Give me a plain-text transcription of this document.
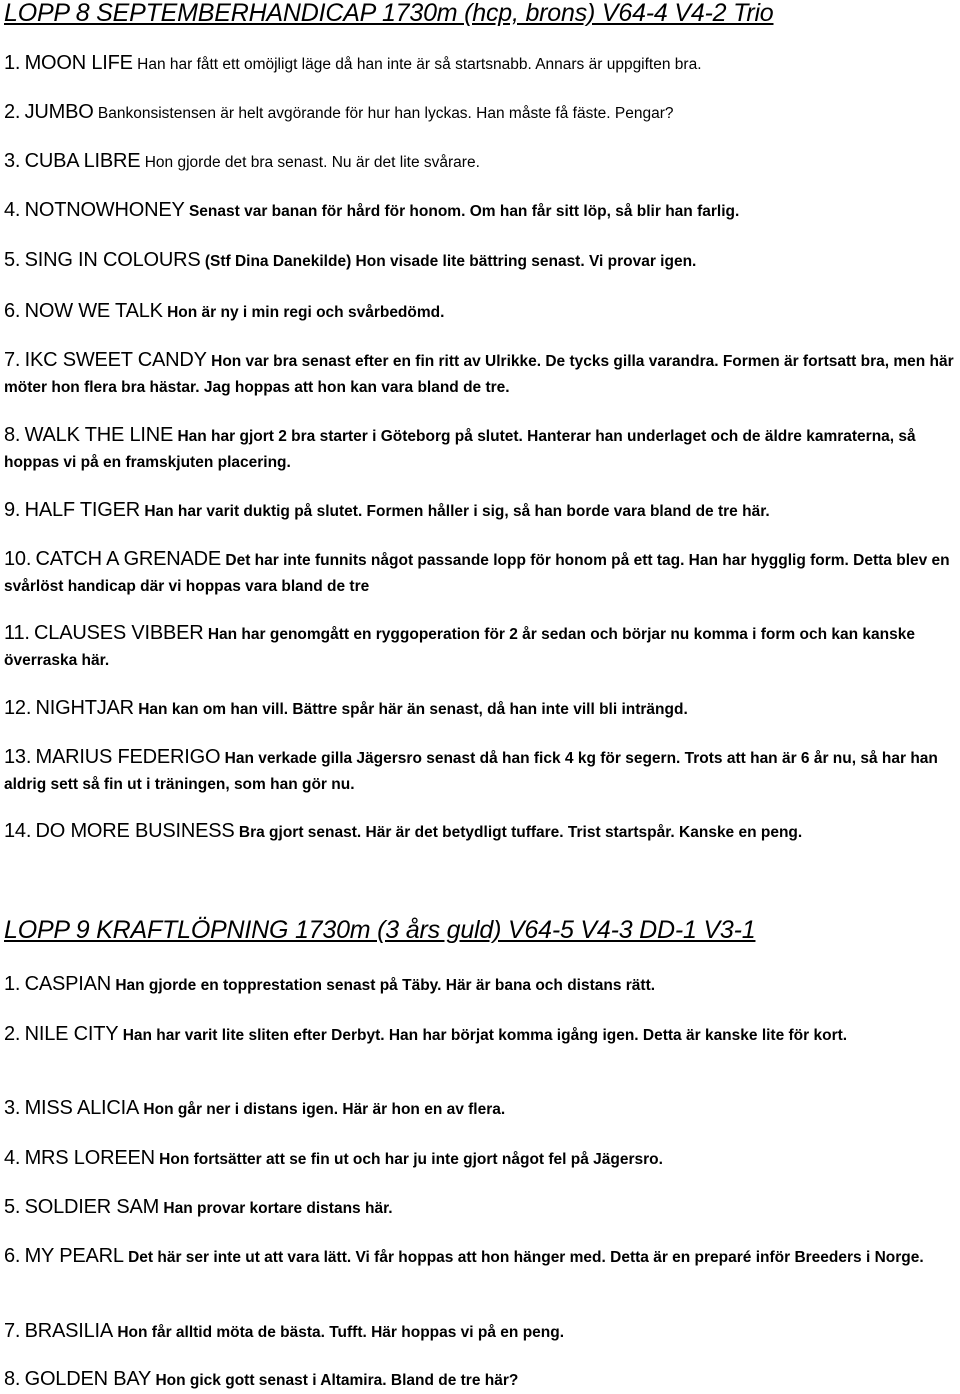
LOPP 8 SEPTEMBERHANDICAP 1730m (hcp, brons) V64-4 V4-2 Trio
1. MOON LIFE Han har fått ett omöjligt läge då han inte är så startsnabb. Annars är uppgiften bra.
2. JUMBO Bankonsistensen är helt avgörande för hur han lyckas. Han måste få fäste. Pengar?
3. CUBA LIBRE Hon gjorde det bra senast. Nu är det lite svårare.
4. NOTNOWHONEY Senast var banan för hård för honom. Om han får sitt löp, så blir han farlig.
5. SING IN COLOURS (Stf Dina Danekilde) Hon visade lite bättring senast. Vi provar igen.
6. NOW WE TALK Hon är ny i min regi och svårbedömd.
7. IKC SWEET CANDY Hon var bra senast efter en fin ritt av Ulrikke. De tycks gilla varandra. Formen är fortsatt bra, men här möter hon flera bra hästar. Jag hoppas att hon kan vara bland de tre.
8. WALK THE LINE Han har gjort 2 bra starter i Göteborg på slutet. Hanterar han underlaget och de äldre kamraterna, så hoppas vi på en framskjuten placering.
9. HALF TIGER Han har varit duktig på slutet. Formen håller i sig, så han borde vara bland de tre här.
10. CATCH A GRENADE Det har inte funnits något passande lopp för honom på ett tag. Han har hygglig form. Detta blev en svårlöst handicap där vi hoppas vara bland de tre
11. CLAUSES VIBBER Han har genomgått en ryggoperation för 2 år sedan och börjar nu komma i form och kan kanske överraska här.
12. NIGHTJAR Han kan om han vill. Bättre spår här än senast, då han inte vill bli inträngd.
13. MARIUS FEDERIGO Han verkade gilla Jägersro senast då han fick 4 kg för segern. Trots att han är 6 år nu, så har han aldrig sett så fin ut i träningen, som han gör nu.
14. DO MORE BUSINESS Bra gjort senast. Här är det betydligt tuffare. Trist startspår. Kanske en peng.
LOPP 9 KRAFTLÖPNING 1730m (3 års guld) V64-5 V4-3 DD-1 V3-1
1. CASPIAN Han gjorde en topprestation senast på Täby. Här är bana och distans rätt.
2. NILE CITY Han har varit lite sliten efter Derbyt. Han har börjat komma igång igen. Detta är kanske lite för kort.
3. MISS ALICIA Hon går ner i distans igen. Här är hon en av flera.
4. MRS LOREEN Hon fortsätter att se fin ut och har ju inte gjort något fel på Jägersro.
5. SOLDIER SAM Han provar kortare distans här.
6. MY PEARL Det här ser inte ut att vara lätt. Vi får hoppas att hon hänger med. Detta är en preparé inför Breeders i Norge.
7. BRASILIA Hon får alltid möta de bästa. Tufft. Här hoppas vi på en peng.
8. GOLDEN BAY Hon gick gott senast i Altamira. Bland de tre här?
